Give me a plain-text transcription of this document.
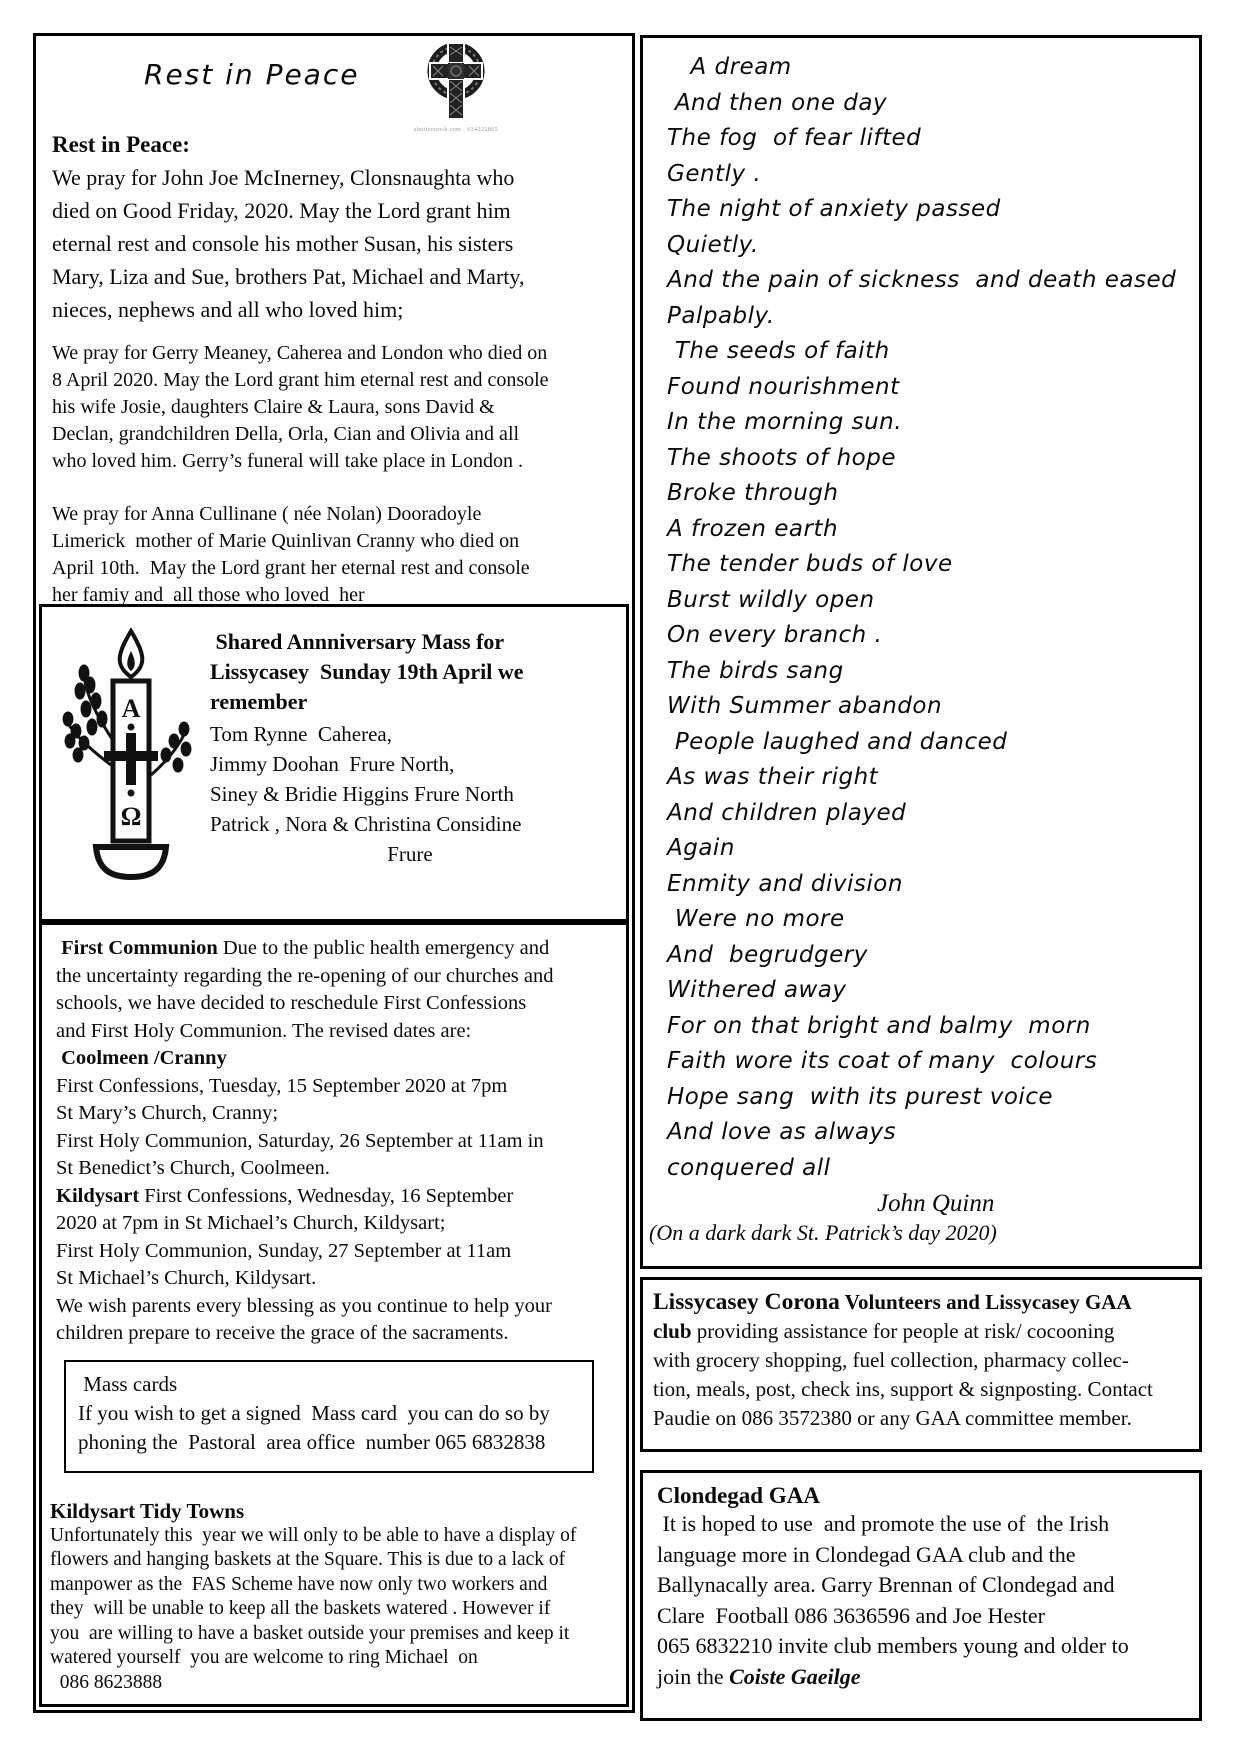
Rest in Peace
shutterstock.com · 634222865
Rest in Peace:
We pray for John Joe McInerney, Clonsnaughta who
died on Good Friday, 2020. May the Lord grant him
eternal rest and console his mother Susan, his sisters
Mary, Liza and Sue, brothers Pat, Michael and Marty,
nieces, nephews and all who loved him;
We pray for Gerry Meaney, Caherea and London who died on
8 April 2020. May the Lord grant him eternal rest and console
his wife Josie, daughters Claire & Laura, sons David &
Declan, grandchildren Della, Orla, Cian and Olivia and all
who loved him. Gerry’s funeral will take place in London .
We pray for Anna Cullinane ( née Nolan) Dooradoyle
Limerick  mother of Marie Quinlivan Cranny who died on
April 10th.  May the Lord grant her eternal rest and console
her famiy and  all those who loved  her
Α
Ω
Shared Annniversary Mass for
Lissycasey  Sunday 19th April we
remember
Tom Rynne  Caherea,
Jimmy Doohan  Frure North,
Siney & Bridie Higgins Frure North
Patrick , Nora & Christina Considine
Frure
First Communion Due to the public health emergency and
the uncertainty regarding the re-opening of our churches and
schools, we have decided to reschedule First Confessions
and First Holy Communion. The revised dates are:
Coolmeen /Cranny
First Confessions, Tuesday, 15 September 2020 at 7pm
St Mary’s Church, Cranny;
First Holy Communion, Saturday, 26 September at 11am in
St Benedict’s Church, Coolmeen.
Kildysart First Confessions, Wednesday, 16 September
2020 at 7pm in St Michael’s Church, Kildysart;
First Holy Communion, Sunday, 27 September at 11am
St Michael’s Church, Kildysart.
We wish parents every blessing as you continue to help your
children prepare to receive the grace of the sacraments.
Mass cards
If you wish to get a signed  Mass card  you can do so by
phoning the  Pastoral  area office  number 065 6832838
Kildysart Tidy Towns
Unfortunately this  year we will only to be able to have a display of
flowers and hanging baskets at the Square. This is due to a lack of
manpower as the  FAS Scheme have now only two workers and
they  will be unable to keep all the baskets watered . However if
you  are willing to have a basket outside your premises and keep it
watered yourself  you are welcome to ring Michael  on
086 8623888
A dream
And then one day
The fog  of fear lifted
Gently .
The night of anxiety passed
Quietly.
And the pain of sickness  and death eased
Palpably.
The seeds of faith
Found nourishment
In the morning sun.
The shoots of hope
Broke through
A frozen earth
The tender buds of love
Burst wildly open
On every branch .
The birds sang
With Summer abandon
People laughed and danced
As was their right
And children played
Again
Enmity and division
Were no more
And  begrudgery
Withered away
For on that bright and balmy  morn
Faith wore its coat of many  colours
Hope sang  with its purest voice
And love as always
conquered all
John Quinn
(On a dark dark St. Patrick’s day 2020)
Lissycasey Corona Volunteers and Lissycasey GAA
club providing assistance for people at risk/ cocooning
with grocery shopping, fuel collection, pharmacy collec-
tion, meals, post, check ins, support & signposting. Contact
Paudie on 086 3572380 or any GAA committee member.
Clondegad GAA
It is hoped to use  and promote the use of  the Irish
language more in Clondegad GAA club and the
Ballynacally area. Garry Brennan of Clondegad and
Clare  Football 086 3636596 and Joe Hester
065 6832210 invite club members young and older to
join the Coiste Gaeilge
